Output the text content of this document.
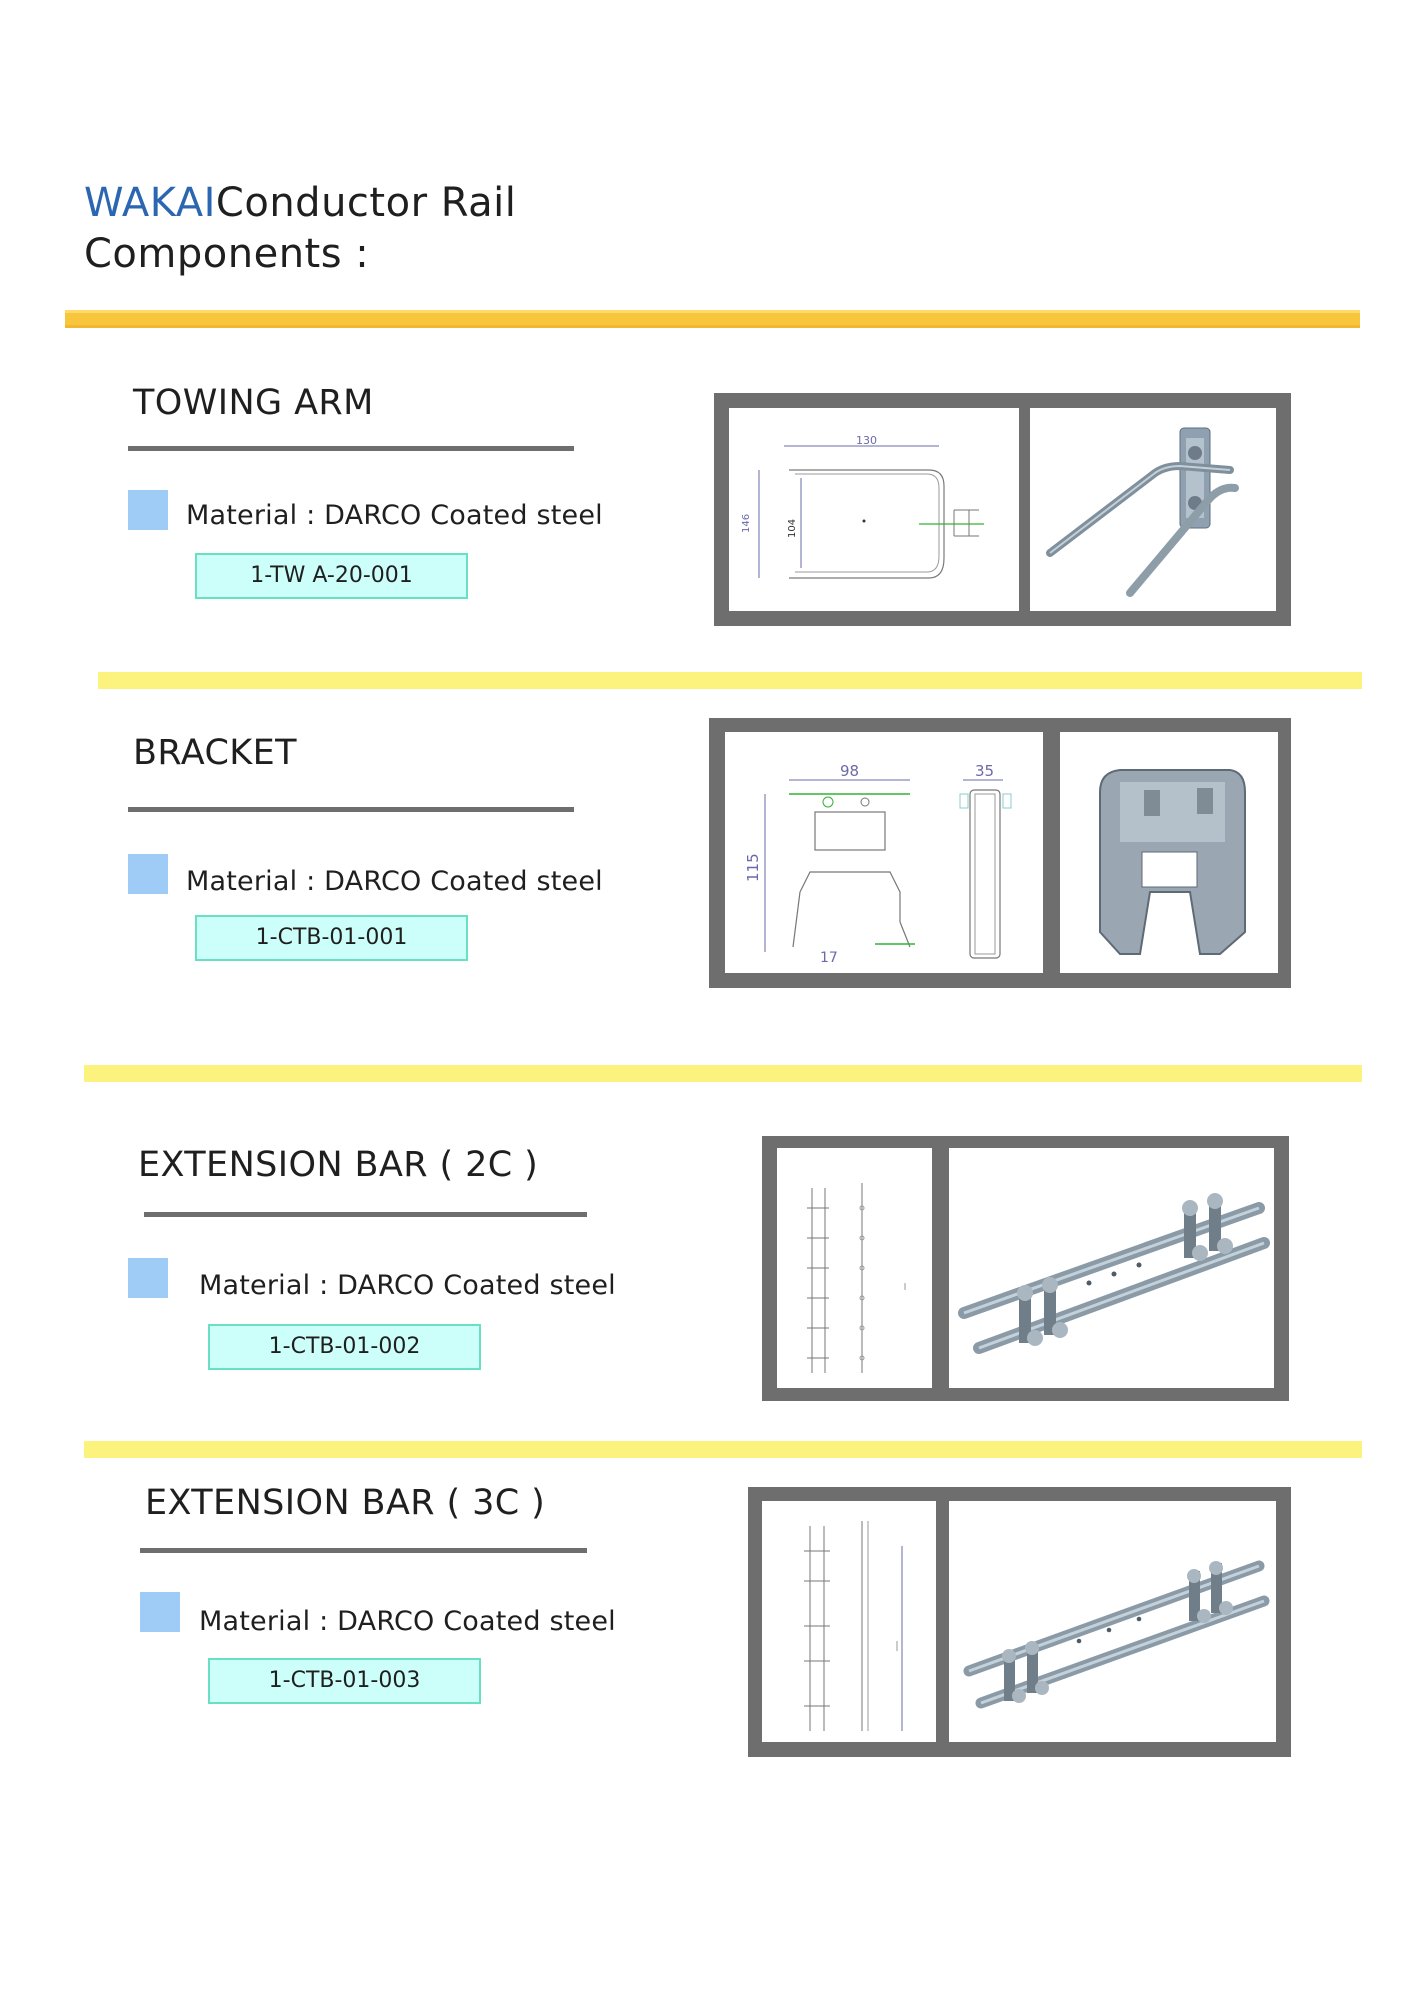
WAKAIConductor Rail
Components :
TOWING ARM
Material : DARCO Coated steel
1-TW A-20-001
130
146	104
BRACKET
Material : DARCO Coated steel
1-CTB-01-001
98	35
115
17
EXTENSION BAR ( 2C )
Material : DARCO Coated steel
1-CTB-01-002
EXTENSION BAR ( 3C )
Material : DARCO Coated steel
1-CTB-01-003
